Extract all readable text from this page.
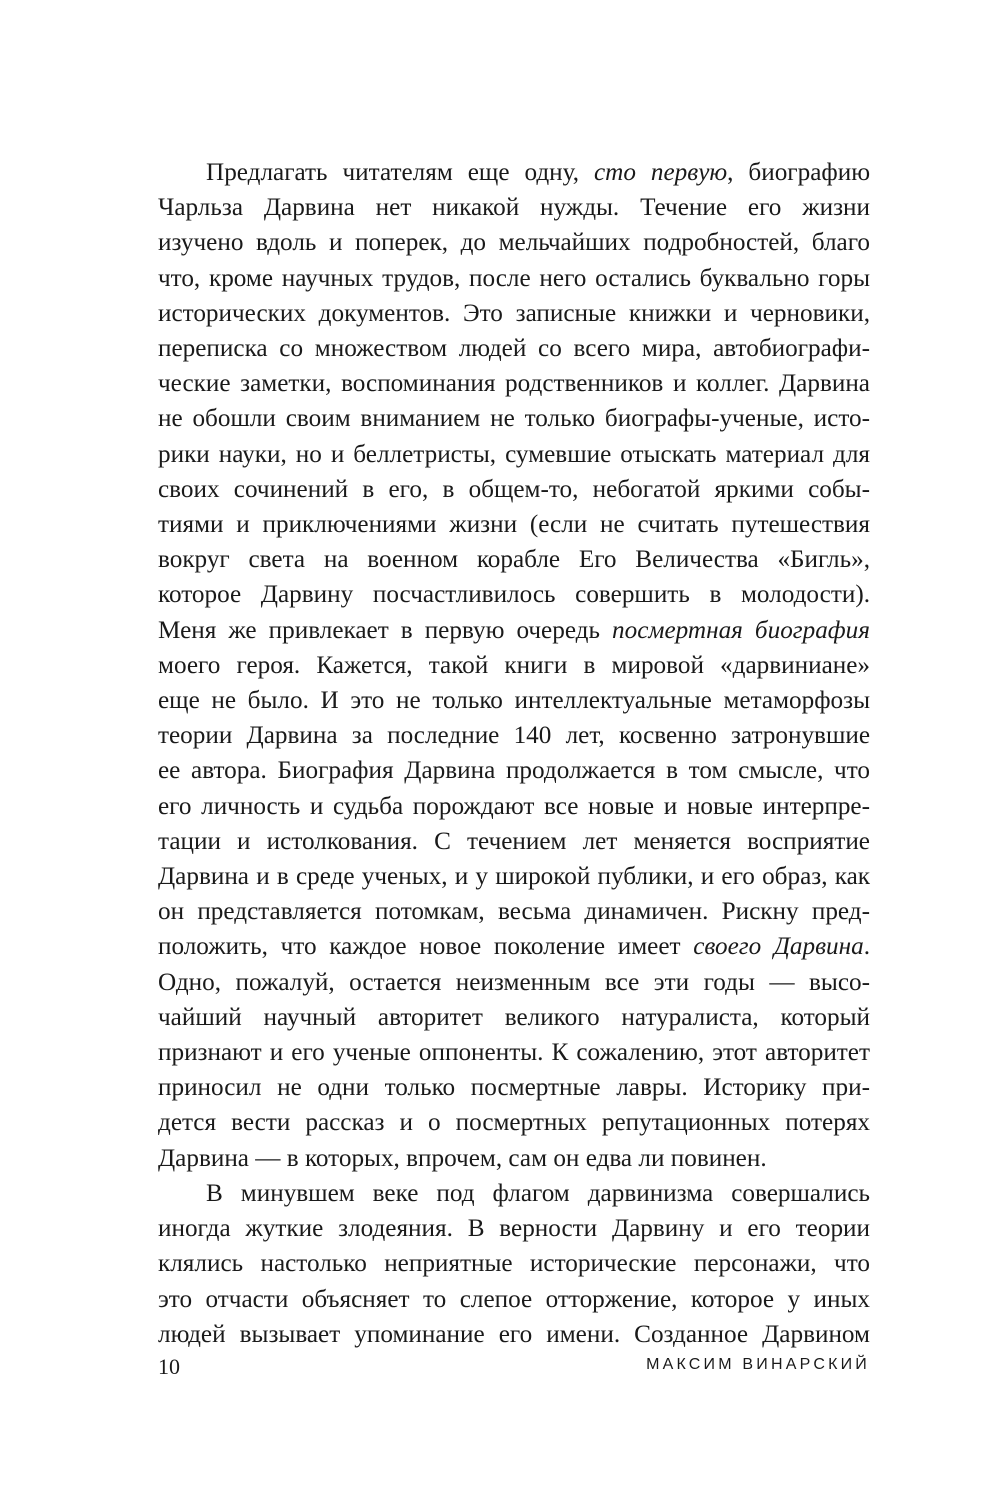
Предлагать читателям еще одну, сто первую, биографию
Чарльза Дарвина нет никакой нужды. Течение его жизни
изучено вдоль и поперек, до мельчайших подробностей, благо
что, кроме научных трудов, после него остались буквально горы
исторических документов. Это записные книжки и черновики,
переписка со множеством людей со всего мира, автобиографи-
ческие заметки, воспоминания родственников и коллег. Дарвина
не обошли своим вниманием не только биографы-ученые, исто-
рики науки, но и беллетристы, сумевшие отыскать материал для
своих сочинений в его, в общем-то, небогатой яркими собы-
тиями и приключениями жизни (если не считать путешествия
вокруг света на военном корабле Его Величества «Бигль»,
которое Дарвину посчастливилось совершить в молодости).
Меня же привлекает в первую очередь посмертная биография
моего героя. Кажется, такой книги в мировой «дарвиниане»
еще не было. И это не только интеллектуальные метаморфозы
теории Дарвина за последние 140 лет, косвенно затронувшие
ее автора. Биография Дарвина продолжается в том смысле, что
его личность и судьба порождают все новые и новые интерпре-
тации и истолкования. С течением лет меняется восприятие
Дарвина и в среде ученых, и у широкой публики, и его образ, как
он представляется потомкам, весьма динамичен. Рискну пред-
положить, что каждое новое поколение имеет своего Дарвина.
Одно, пожалуй, остается неизменным все эти годы — высо-
чайший научный авторитет великого натуралиста, который
признают и его ученые оппоненты. К сожалению, этот авторитет
приносил не одни только посмертные лавры. Историку при-
дется вести рассказ и о посмертных репутационных потерях
Дарвина — в которых, впрочем, сам он едва ли повинен.
В минувшем веке под флагом дарвинизма совершались
иногда жуткие злодеяния. В верности Дарвину и его теории
клялись настолько неприятные исторические персонажи, что
это отчасти объясняет то слепое отторжение, которое у иных
людей вызывает упоминание его имени. Созданное Дарвином
10	МАКСИМ ВИНАРСКИЙ
